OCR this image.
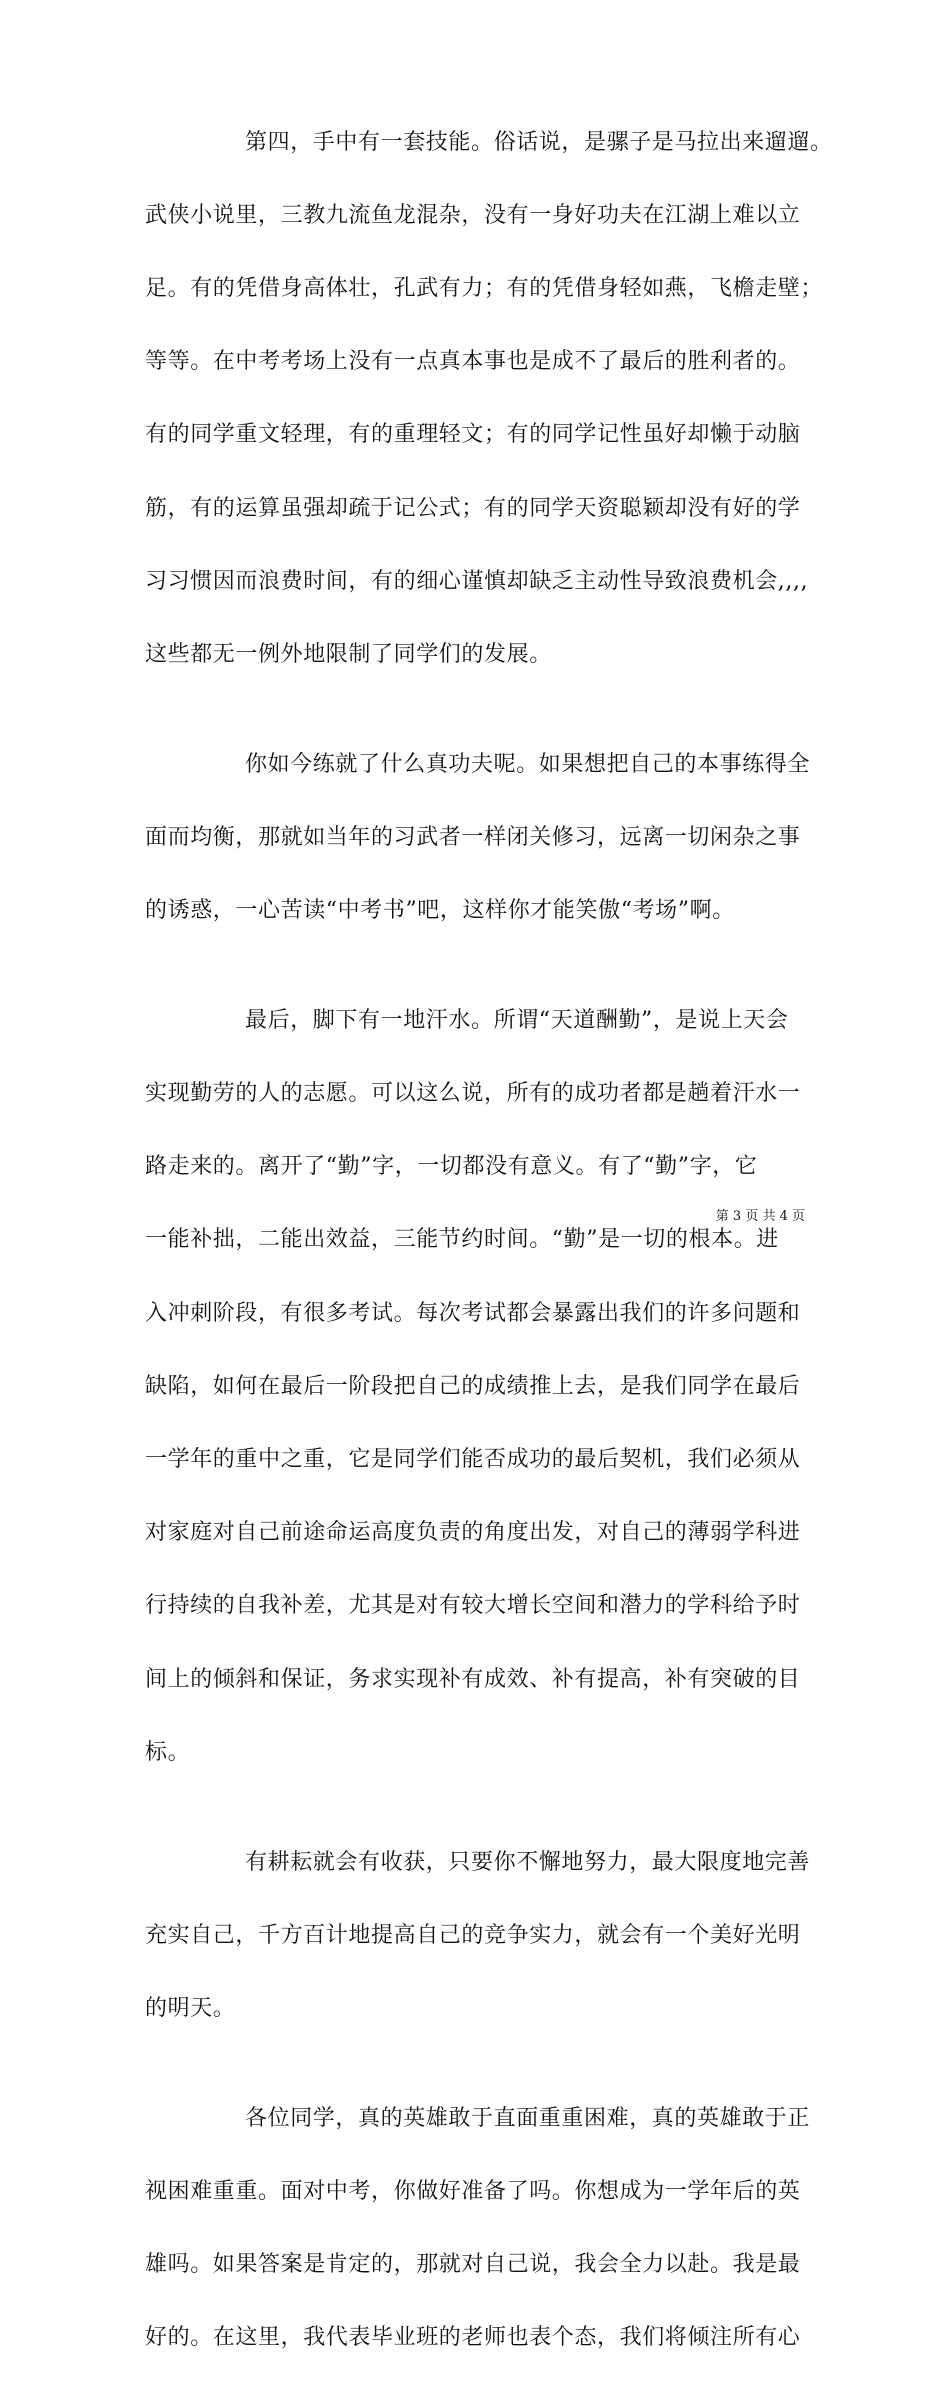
第四，手中有一套技能。俗话说，是骡子是马拉出来遛遛。

武侠小说里，三教九流鱼龙混杂，没有一身好功夫在江湖上难以立

足。有的凭借身高体壮，孔武有力；有的凭借身轻如燕，飞檐走壁；

等等。在中考考场上没有一点真本事也是成不了最后的胜利者的。

有的同学重文轻理，有的重理轻文；有的同学记性虽好却懒于动脑

筋，有的运算虽强却疏于记公式；有的同学天资聪颖却没有好的学

习习惯因而浪费时间，有的细心谨慎却缺乏主动性导致浪费机会,,,,

这些都无一例外地限制了同学们的发展。

你如今练就了什么真功夫呢。如果想把自己的本事练得全

面而均衡，那就如当年的习武者一样闭关修习，远离一切闲杂之事

的诱惑，一心苦读“中考书”吧，这样你才能笑傲“考场”啊。

最后，脚下有一地汗水。所谓“天道酬勤”，是说上天会

实现勤劳的人的志愿。可以这么说，所有的成功者都是趟着汗水一

路走来的。离开了“勤”字，一切都没有意义。有了“勤”字，它

一能补拙，二能出效益，三能节约时间。“勤”是一切的根本。进

入冲刺阶段，有很多考试。每次考试都会暴露出我们的许多问题和

缺陷，如何在最后一阶段把自己的成绩推上去，是我们同学在最后

一学年的重中之重，它是同学们能否成功的最后契机，我们必须从

对家庭对自己前途命运高度负责的角度出发，对自己的薄弱学科进

行持续的自我补差，尤其是对有较大增长空间和潜力的学科给予时

间上的倾斜和保证，务求实现补有成效、补有提高，补有突破的目

标。

有耕耘就会有收获，只要你不懈地努力，最大限度地完善

充实自己，千方百计地提高自己的竞争实力，就会有一个美好光明

的明天。

各位同学，真的英雄敢于直面重重困难，真的英雄敢于正

视困难重重。面对中考，你做好准备了吗。你想成为一学年后的英

雄吗。如果答案是肯定的，那就对自己说，我会全力以赴。我是最

好的。在这里，我代表毕业班的老师也表个态，我们将倾注所有心

第 3 页 共 4 页
